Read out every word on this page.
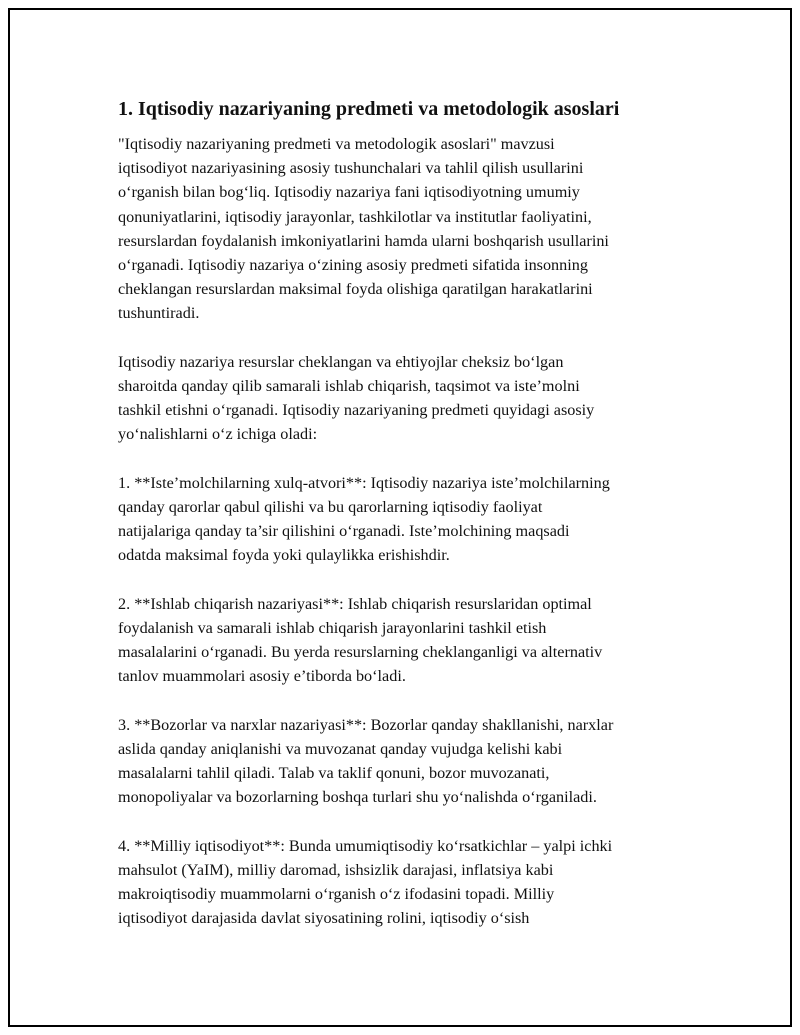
1. Iqtisodiy nazariyaning predmeti va metodologik asoslari

"Iqtisodiy nazariyaning predmeti va metodologik asoslari" mavzusi
iqtisodiyot nazariyasining asosiy tushunchalari va tahlil qilish usullarini
o‘rganish bilan bog‘liq. Iqtisodiy nazariya fani iqtisodiyotning umumiy
qonuniyatlarini, iqtisodiy jarayonlar, tashkilotlar va institutlar faoliyatini,
resurslardan foydalanish imkoniyatlarini hamda ularni boshqarish usullarini
o‘rganadi. Iqtisodiy nazariya o‘zining asosiy predmeti sifatida insonning
cheklangan resurslardan maksimal foyda olishiga qaratilgan harakatlarini
tushuntiradi.

Iqtisodiy nazariya resurslar cheklangan va ehtiyojlar cheksiz bo‘lgan
sharoitda qanday qilib samarali ishlab chiqarish, taqsimot va iste’molni
tashkil etishni o‘rganadi. Iqtisodiy nazariyaning predmeti quyidagi asosiy
yo‘nalishlarni o‘z ichiga oladi:

1. **Iste’molchilarning xulq-atvori**: Iqtisodiy nazariya iste’molchilarning
qanday qarorlar qabul qilishi va bu qarorlarning iqtisodiy faoliyat
natijalariga qanday ta’sir qilishini o‘rganadi. Iste’molchining maqsadi
odatda maksimal foyda yoki qulaylikka erishishdir.

2. **Ishlab chiqarish nazariyasi**: Ishlab chiqarish resurslaridan optimal
foydalanish va samarali ishlab chiqarish jarayonlarini tashkil etish
masalalarini o‘rganadi. Bu yerda resurslarning cheklanganligi va alternativ
tanlov muammolari asosiy e’tiborda bo‘ladi.

3. **Bozorlar va narxlar nazariyasi**: Bozorlar qanday shakllanishi, narxlar
aslida qanday aniqlanishi va muvozanat qanday vujudga kelishi kabi
masalalarni tahlil qiladi. Talab va taklif qonuni, bozor muvozanati,
monopoliyalar va bozorlarning boshqa turlari shu yo‘nalishda o‘rganiladi.

4. **Milliy iqtisodiyot**: Bunda umumiqtisodiy ko‘rsatkichlar – yalpi ichki
mahsulot (YaIM), milliy daromad, ishsizlik darajasi, inflatsiya kabi
makroiqtisodiy muammolarni o‘rganish o‘z ifodasini topadi. Milliy
iqtisodiyot darajasida davlat siyosatining rolini, iqtisodiy o‘sish
